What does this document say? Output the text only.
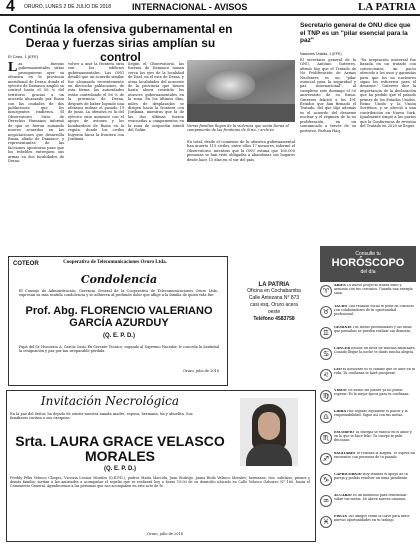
4 ORURO, LUNES 2 DE JULIO DE 2018 INTERNACIONAL - AVISOS	LA PATRIA
Continúa la ofensiva gubernamental en Deraa y fuerzas sirias amplían su control
El Cairo, 1 (EFE)
Las fuerzas gubernamentales sirias prosiguieron ayer su ofensiva en la provincia meridional de Deraa, donde el ejército de Damasco amplió su control hasta el 56 % del territorio, gracias a un acuerdo alcanzado por Rusia con las ciudades de dos poblaciones que los insurgentes rindieron. El Observatorio Sirio de Derechos Humanos informó de que se fueron sumando nuevos acuerdos en las negociaciones que desarrolla Rusia, aliado de Damasco, y representantes de las facciones opositoras para que los rebeldes entreguen sus armas en dos localidades de Deraa.
volver a unir la frontera sirio con los edificios gubernamentales. Las ONG detalló que un acuerdo similar fue alcanzado recientemente en dieciocho poblaciones, de esta forma, las autoridades están controlando el 56 % de la provincia de Deraa, después de haber logrado una ofensiva militar el pasado 19 de junio. La ofensiva es la del ejército sirio aumentó con el apoyo de aviones y los bombardeos de Rusia en la región, donde los civiles huyeron hacia la frontera con Jordania.
Según el Observatorio, las fuerzas de Damasco toman cerca los ejes de la localidad de Dael, en el este de Deraa, y otras localidades del noroeste de la provincia que tienen hasta ahora resistido los avances gubernamentales en la zona. En los últimos días, miles de desplazados se dirigen hacia la frontera con Jordania, mientras que la de las dos últimas fueron evacuadas a campamentos en la zona de ocupación israelí del Golán.
Varias familias llegan de la violencia que azota Deraa al campamento de las fronteras de Siria. / archivo
En total, desde el comienzo de la ofensiva gubernamental han muerto 115 civiles, entre ellos 17 menores, informó el Observatorio, mientras que la ONU estima que 160.000 personas se han visto obligadas a abandonar sus hogares desde hace 15 días en el sur del país.
Secretario general de ONU dice que el TNP es un "pilar esencial para la paz"
Naciones Unidas, 1 (EFE)
El secretario general de la ONU, António Guterres, afirmó hoy que el Tratado de No Proliferación de Armas Nucleares es un "pilar esencial para la seguridad y paz internacional", al cumplirse este domingo el 50 aniversario de su firma. Guterres felicitó a los 191 Estados que han firmado el Tratado, del que dijo además es el acuerdo del desarme nuclear y el régimen de la no proliferación, en un comunicado a través de su portavoz, Farhan Haq.
"Su aceptación universal fue basada en un tratado con convicciones, un pacto ofrecido a los usos y garantías para que los no nucleares sigan los esfuerzos para el desarme." Guterres dice la importancia de la declaración que ha pedido que el pasado primer de los Estados Unidos, Reino Unido y la Unión Soviética, y se ofreció a una contribución en Nueva York. Igualmente exigió a las partes que la Conferencia de revisión del Tratado en 2020 se llegue.
COTEOR	Cooperativa de Telecomunicaciones Oruro Ltda.
Condolencia
El Consejo de Administración, Gerencia General de la Cooperativa de Telecomunicaciones Oruro Ltda., expresan su más sentida condolencia y se adhieren al profundo dolor que aflige a la familia de quien vida fue:
Prof. Abg. FLORENCIO VALERIANO GARCÍA AZURDUY
(Q. E. P. D.)
Papá del Sr. Honorato A. García Ossio Ex Gerente Técnico; rogando al Supremo Hacedor, le conceda la Santidad la resignación y paz por tan irreparable pérdida.
Oruro, julio de 2018
LA PATRIA
Oficina en Cochabamba
Calle Antezana N° 873
casi esq. Oruro acera
oeste
Teléfono 4583758
Consulte tu
HORÓSCOPO
del día
♈
ARIES Tu nuevo proyecto traerá éxito y armonía con tus cercanos. Guarda una energía sana.
♉
TAURO Una reunión social te pone en contacto con colaboradores de tu oportunidad profesional.
♊
GÉMINIS Tus metas profesionales y las ideas que pensabas se pueden realizar sin demoras.
♋
CÁNCER Recibe un favor de muchas amistades. Cuando llegue la noche te darás mucha alegría.
♌
LEO El horizonte es el camino que se abre en tu vida. Tu confianza te hará prosperar.
♍
VIRGO Un sueño sin planes ya no puede esperar. Es la mejor época para tu confianza.
♎
LIBRA Has logrado equilibrar el placer y la responsabilidad. Sigue así con tus metas.
♏
ESCORPIO Tu energía se enfoca en el amor y en lo que te hace feliz. Tu cuerpo te pide descanso.
♐
SAGITARIO Te rodeará la alegría. Te espera un encuentro con personas de tu pasado.
♑
CAPRICORNIO Hoy tendrás el apoyo de tu pareja y podrás resolver un tema pendiente.
♒
ACUARIO Es un momento para reflexionar sobre tus metas. Se abren nuevos caminos.
♓
PISCIS Tus amigos serán la clave para abrir nuevas oportunidades en tu trabajo.
Invitación Necrológica
En la paz del Señor, ha dejado de existir nuestra amada madre, esposa, hermana, tía y abuelita. Sus familiares invitan a sus exequias.
Srta. LAURA GRACE VELASCO MORALES
(Q. E. P. D.)
Freddy Félix Velasco Choque, Victoria Leonor Morales (Q.E.P.D.); padres María Marcela, Juan Rodrigo, Juana Roda Velasco Morales; hermanos, tíos, sobrinos, primos y demás familia; invitan a las amistades a acompañar el sepelio que se realizará hoy a horas 10:00 de su domicilio ubicado en Calle Velasco Galvarro N° 160, hasta el Cementerio General. Agradecemos a las personas que nos acompañen en este acto de fe.
Oruro, julio de 2018
